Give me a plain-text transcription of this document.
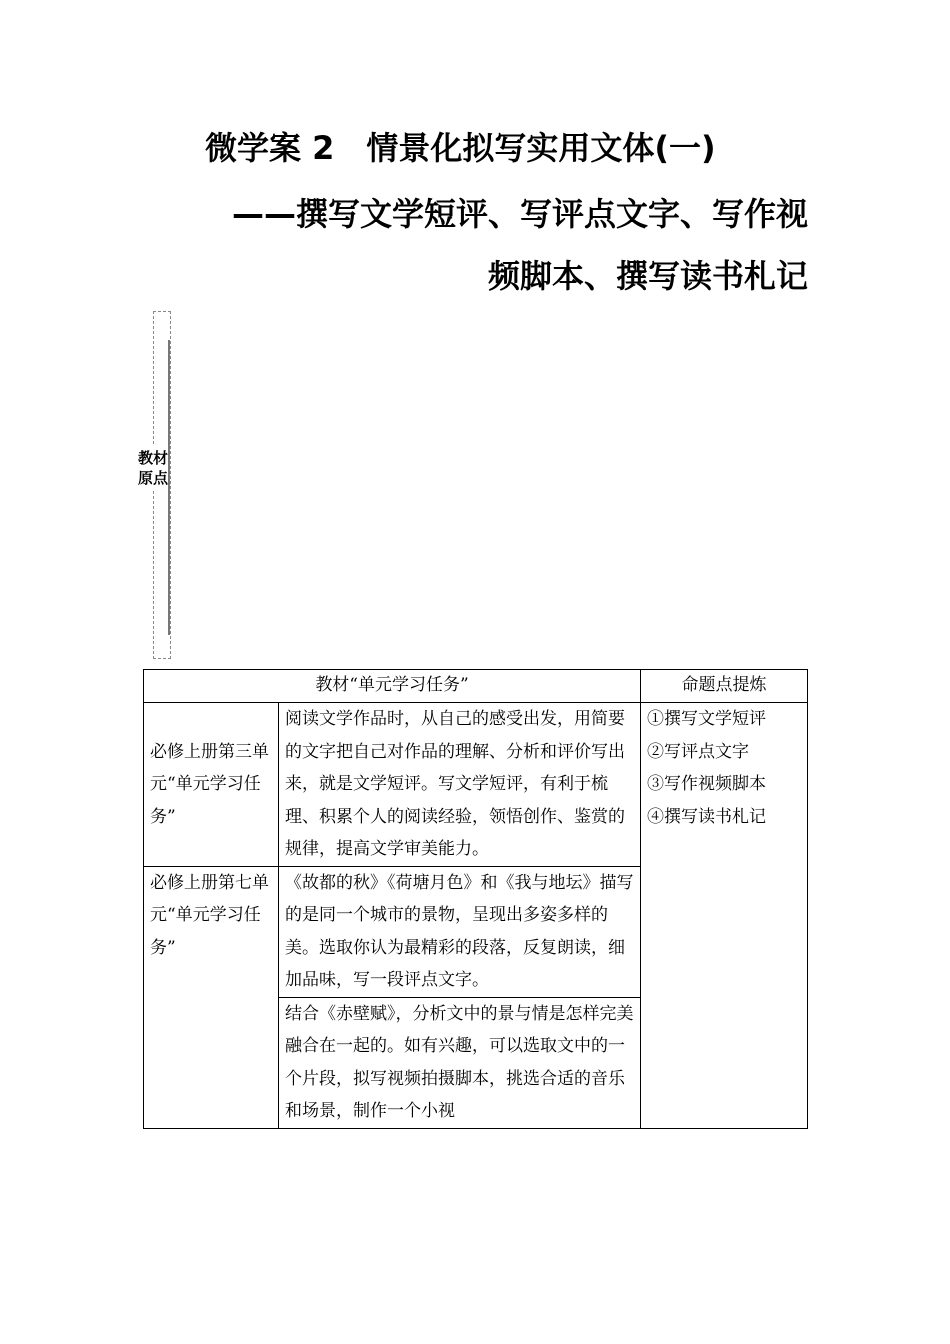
微学案 2　情景化拟写实用文体(一)
——撰写文学短评、写评点文字、写作视
频脚本、撰写读书札记
教材原点
教材“单元学习任务”		命题点提炼
必修上册第三单元“单元学习任务”	阅读文学作品时，从自己的感受出发，用简要的文字把自己对作品的理解、分析和评价写出来，就是文学短评。写文学短评，有利于梳理、积累个人的阅读经验，领悟创作、鉴赏的规律，提高文学审美能力。	①撰写文学短评
②写评点文字
③写作视频脚本
④撰写读书札记

必修上册第七单元“单元学习任务”	《故都的秋》《荷塘月色》和《我与地坛》描写的是同一个城市的景物，呈现出多姿多样的美。选取你认为最精彩的段落，反复朗读，细加品味，写一段评点文字。	

	结合《赤壁赋》，分析文中的景与情是怎样完美融合在一起的。如有兴趣，可以选取文中的一个片段，拟写视频拍摄脚本，挑选合适的音乐和场景，制作一个小视	
